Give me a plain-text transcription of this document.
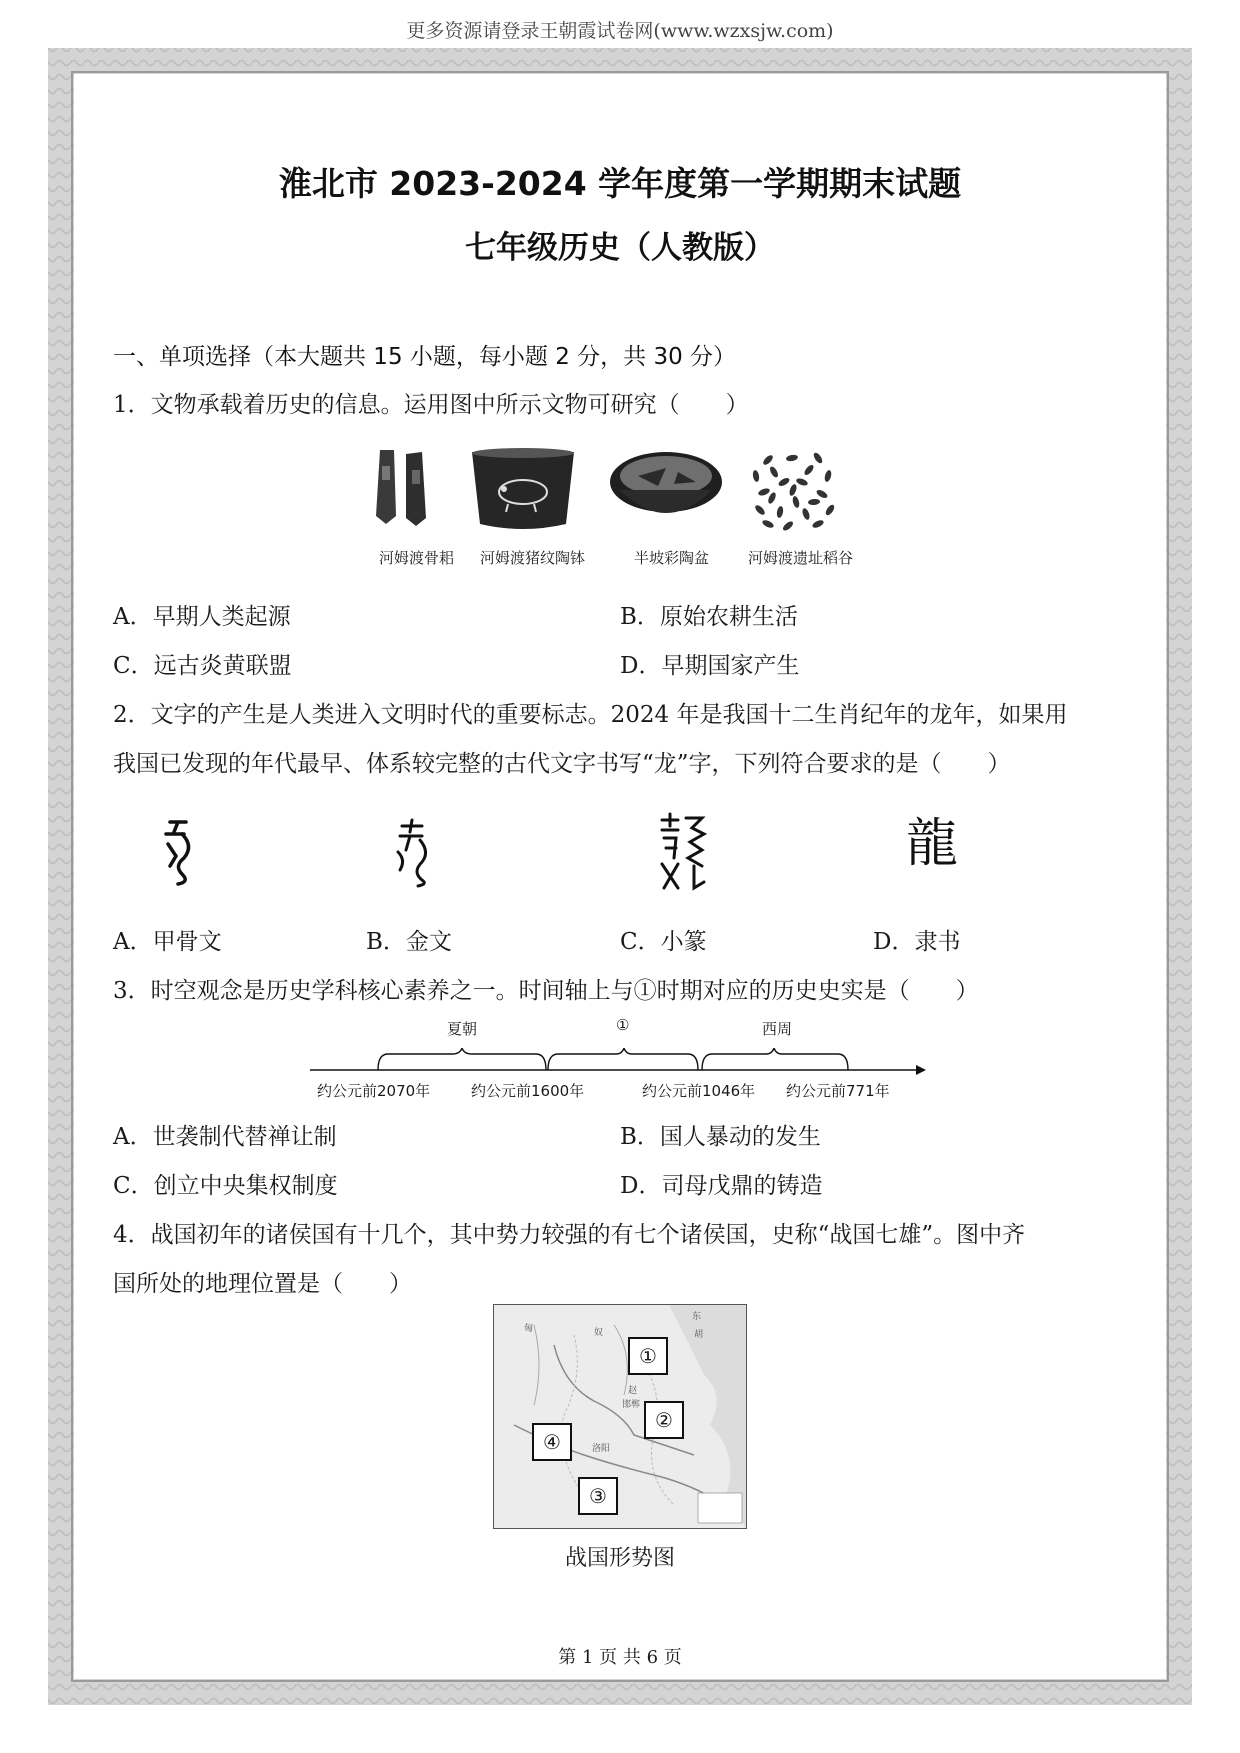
更多资源请登录王朝霞试卷网(www.wzxsjw.com)
淮北市 2023-2024 学年度第一学期期末试题
七年级历史（人教版）
一、单项选择（本大题共 15 小题，每小题 2 分，共 30 分）
1．文物承载着历史的信息。运用图中所示文物可研究（　　）
河姆渡骨耜 河姆渡猪纹陶钵	半坡彩陶盆	河姆渡遗址稻谷
A．早期人类起源	B．原始农耕生活
C．远古炎黄联盟	D．早期国家产生
2．文字的产生是人类进入文明时代的重要标志。2024 年是我国十二生肖纪年的龙年，如果用
我国已发现的年代最早、体系较完整的古代文字书写“龙”字，下列符合要求的是（　　）
龍
A．甲骨文	B．金文	C．小篆	D．隶书
3．时空观念是历史学科核心素养之一。时间轴上与①时期对应的历史史实是（　　）
夏朝	①	西周
约公元前2070年	约公元前1600年	约公元前1046年 约公元前771年
A．世袭制代替禅让制	B．国人暴动的发生
C．创立中央集权制度	D．司母戊鼎的铸造
4．战国初年的诸侯国有十几个，其中势力较强的有七个诸侯国，史称“战国七雄”。图中齐
国所处的地理位置是（　　）
匈	奴
东
胡
赵
邯郸
洛阳
①
②
③
④
战国形势图
第 1 页 共 6 页
